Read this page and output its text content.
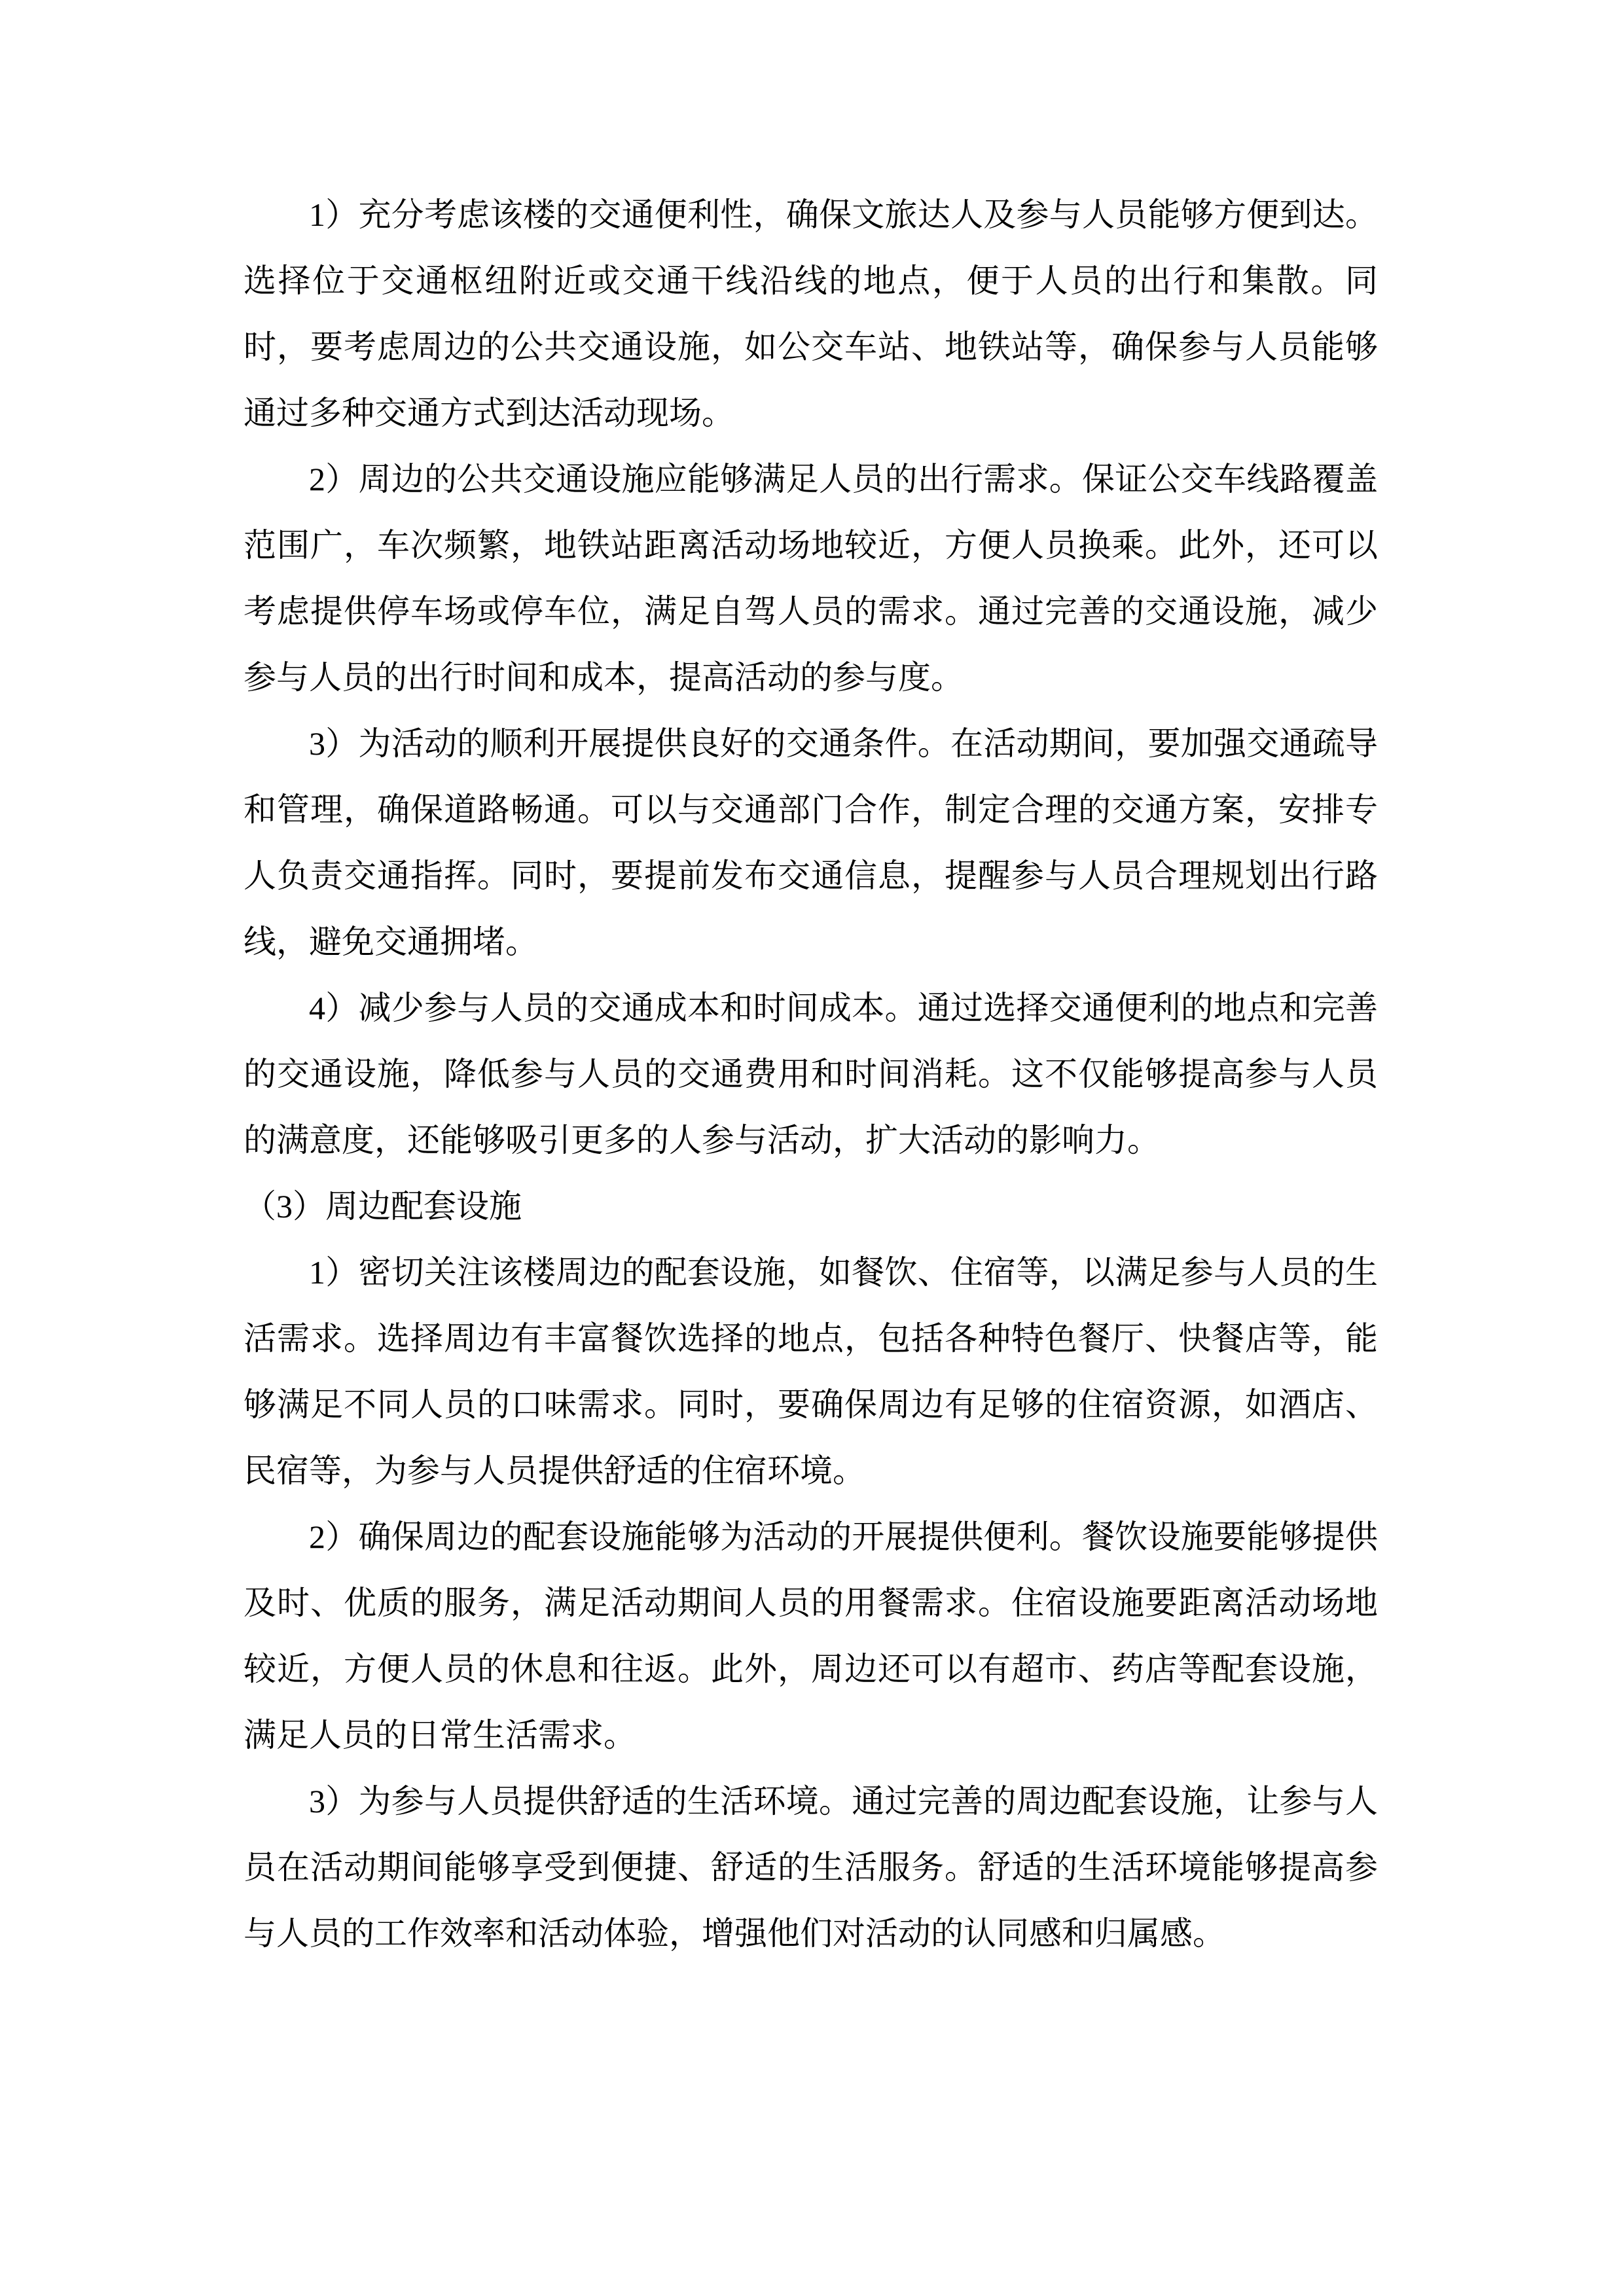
1）充分考虑该楼的交通便利性，确保文旅达人及参与人员能够方便到达。
选择位于交通枢纽附近或交通干线沿线的地点，便于人员的出行和集散。同
时，要考虑周边的公共交通设施，如公交车站、地铁站等，确保参与人员能够
通过多种交通方式到达活动现场。
2）周边的公共交通设施应能够满足人员的出行需求。保证公交车线路覆盖
范围广，车次频繁，地铁站距离活动场地较近，方便人员换乘。此外，还可以
考虑提供停车场或停车位，满足自驾人员的需求。通过完善的交通设施，减少
参与人员的出行时间和成本，提高活动的参与度。
3）为活动的顺利开展提供良好的交通条件。在活动期间，要加强交通疏导
和管理，确保道路畅通。可以与交通部门合作，制定合理的交通方案，安排专
人负责交通指挥。同时，要提前发布交通信息，提醒参与人员合理规划出行路
线，避免交通拥堵。
4）减少参与人员的交通成本和时间成本。通过选择交通便利的地点和完善
的交通设施，降低参与人员的交通费用和时间消耗。这不仅能够提高参与人员
的满意度，还能够吸引更多的人参与活动，扩大活动的影响力。
（3）周边配套设施
1）密切关注该楼周边的配套设施，如餐饮、住宿等，以满足参与人员的生
活需求。选择周边有丰富餐饮选择的地点，包括各种特色餐厅、快餐店等，能
够满足不同人员的口味需求。同时，要确保周边有足够的住宿资源，如酒店、
民宿等，为参与人员提供舒适的住宿环境。
2）确保周边的配套设施能够为活动的开展提供便利。餐饮设施要能够提供
及时、优质的服务，满足活动期间人员的用餐需求。住宿设施要距离活动场地
较近，方便人员的休息和往返。此外，周边还可以有超市、药店等配套设施，
满足人员的日常生活需求。
3）为参与人员提供舒适的生活环境。通过完善的周边配套设施，让参与人
员在活动期间能够享受到便捷、舒适的生活服务。舒适的生活环境能够提高参
与人员的工作效率和活动体验，增强他们对活动的认同感和归属感。
